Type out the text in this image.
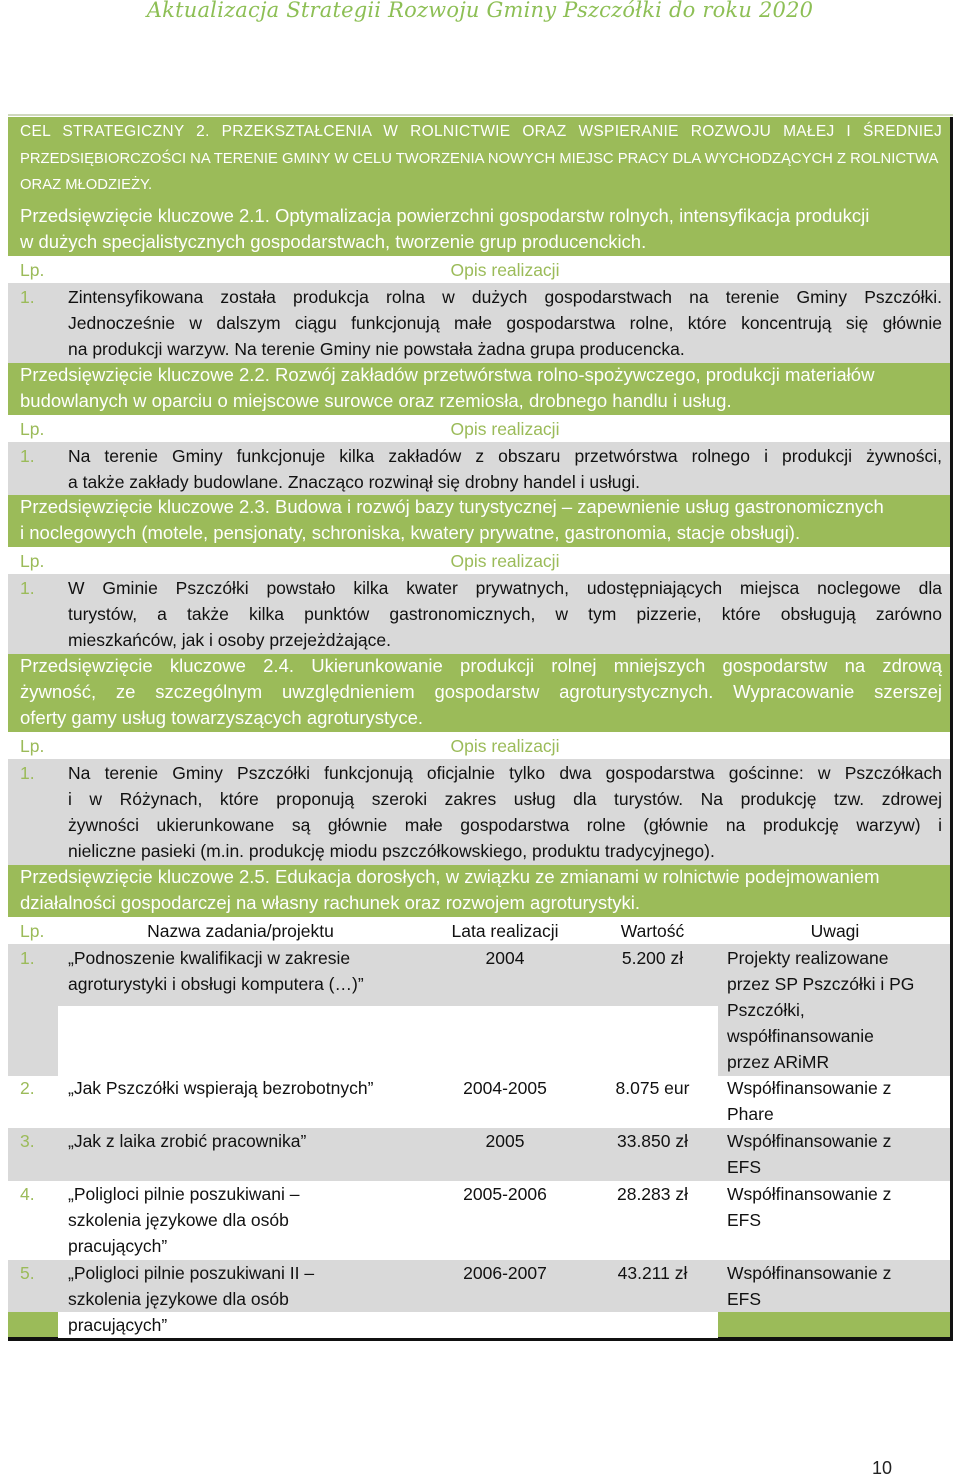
Aktualizacja Strategii Rozwoju Gminy Pszczółki do roku 2020
CEL STRATEGICZNY 2. PRZEKSZTAŁCENIA W ROLNICTWIE ORAZ WSPIERANIE ROZWOJU MAŁEJ I ŚREDNIEJ
PRZEDSIĘBIORCZOŚCI NA TERENIE GMINY W CELU TWORZENIA NOWYCH MIEJSC PRACY DLA WYCHODZĄCYCH Z ROLNICTWA
ORAZ MŁODZIEŻY.
Przedsięwzięcie kluczowe 2.1. Optymalizacja powierzchni gospodarstw rolnych, intensyfikacja produkcji
w dużych specjalistycznych gospodarstwach, tworzenie grup producenckich.
Lp.	Opis realizacji
1. Zintensyfikowana została produkcja rolna w dużych gospodarstwach na terenie Gminy Pszczółki.
Jednocześnie w dalszym ciągu funkcjonują małe gospodarstwa rolne, które koncentrują się głównie
na produkcji warzyw. Na terenie Gminy nie powstała żadna grupa producencka.
Przedsięwzięcie kluczowe 2.2. Rozwój zakładów przetwórstwa rolno-spożywczego, produkcji materiałów
budowlanych w oparciu o miejscowe surowce oraz rzemiosła, drobnego handlu i usług.
Lp.	Opis realizacji
1. Na terenie Gminy funkcjonuje kilka zakładów z obszaru przetwórstwa rolnego i produkcji żywności,
a także zakłady budowlane. Znacząco rozwinął się drobny handel i usługi.
Przedsięwzięcie kluczowe 2.3. Budowa i rozwój bazy turystycznej – zapewnienie usług gastronomicznych
i noclegowych (motele, pensjonaty, schroniska, kwatery prywatne, gastronomia, stacje obsługi).
Lp.	Opis realizacji
1. W Gminie Pszczółki powstało kilka kwater prywatnych, udostępniających miejsca noclegowe dla
turystów, a także kilka punktów gastronomicznych, w tym pizzerie, które obsługują zarówno
mieszkańców, jak i osoby przejeżdżające.
Przedsięwzięcie kluczowe 2.4. Ukierunkowanie produkcji rolnej mniejszych gospodarstw na zdrową
żywność, ze szczególnym uwzględnieniem gospodarstw agroturystycznych. Wypracowanie szerszej
oferty gamy usług towarzyszących agroturystyce.
Lp.	Opis realizacji
1. Na terenie Gminy Pszczółki funkcjonują oficjalnie tylko dwa gospodarstwa gościnne: w Pszczółkach
i w Różynach, które proponują szeroki zakres usług dla turystów. Na produkcję tzw. zdrowej
żywności ukierunkowane są głównie małe gospodarstwa rolne (głównie na produkcję warzyw) i
nieliczne pasieki (m.in. produkcję miodu pszczółkowskiego, produktu tradycyjnego).
Przedsięwzięcie kluczowe 2.5. Edukacja dorosłych, w związku ze zmianami w rolnictwie podejmowaniem
działalności gospodarczej na własny rachunek oraz rozwojem agroturystyki.
Lp.	Nazwa zadania/projektu	Lata realizacji	Wartość	Uwagi
1. „Podnoszenie kwalifikacji w zakresie
agroturystyki i obsługi komputera (…)”
2004	5.200 zł	Projekty realizowane
przez SP Pszczółki i PG
Pszczółki,
współfinansowanie
przez ARiMR
2. „Jak Pszczółki wspierają bezrobotnych”	2004-2005	8.075 eur	Współfinansowanie z
Phare
3. „Jak z laika zrobić pracownika”	2005	33.850 zł	Współfinansowanie z
EFS
4. „Poligloci pilnie poszukiwani –
szkolenia językowe dla osób
pracujących”
2005-2006	28.283 zł	Współfinansowanie z
EFS
5. „Poligloci pilnie poszukiwani II –
szkolenia językowe dla osób
pracujących”
2006-2007	43.211 zł	Współfinansowanie z
EFS
10
